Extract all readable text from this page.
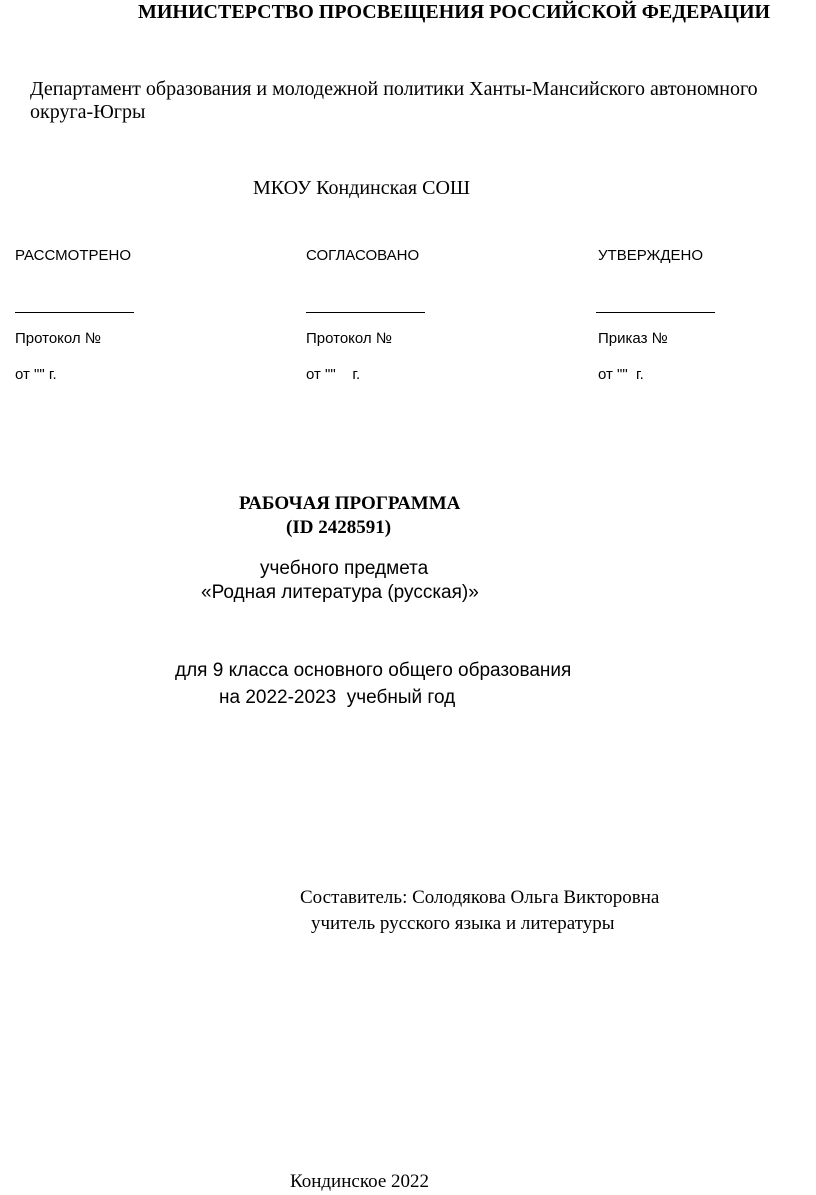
МИНИСТЕРСТВО ПРОСВЕЩЕНИЯ РОССИЙСКОЙ ФЕДЕРАЦИИ
Департамент образования и молодежной политики Ханты-Мансийского автономного
округа-Югры
МКОУ Кондинская СОШ
РАССМОТРЕНО	СОГЛАСОВАНО	УТВЕРЖДЕНО
Протокол №	Протокол №	Приказ №
от "" г.	от ""    г.	от ""  г.
РАБОЧАЯ ПРОГРАММА
(ID 2428591)
учебного предмета
«Родная литература (русская)»
для 9 класса основного общего образования
на 2022-2023  учебный год
Составитель: Солодякова Ольга Викторовна
учитель русского языка и литературы
Кондинское 2022
